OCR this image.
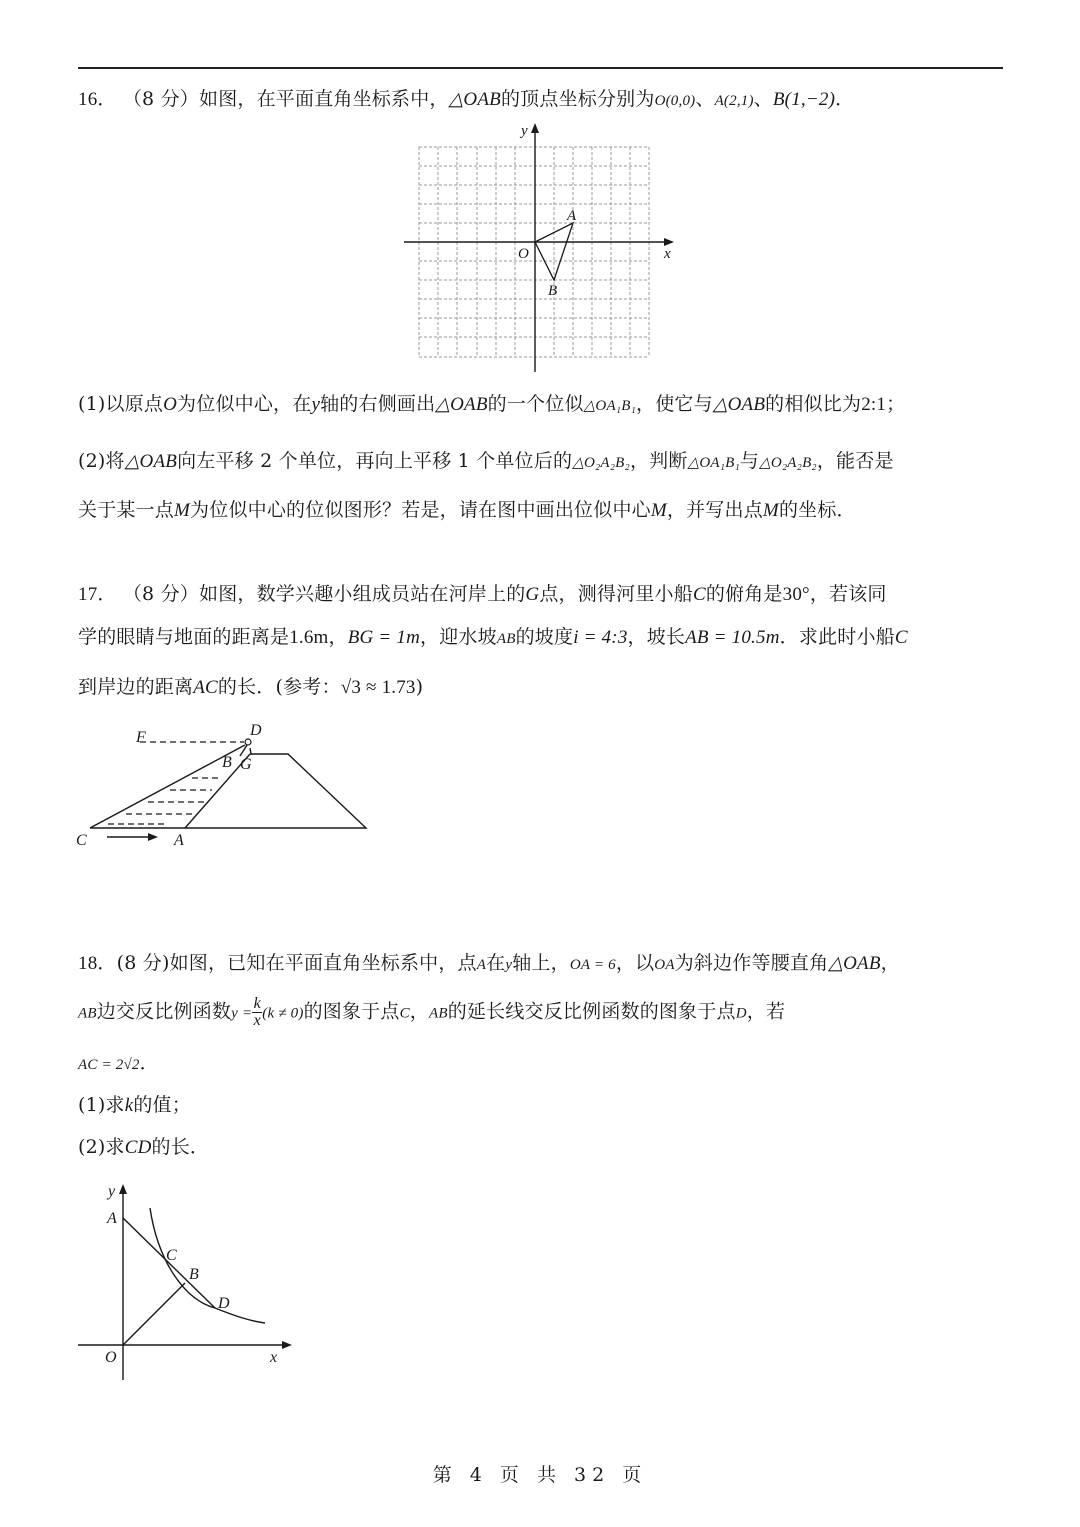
16． （8 分）如图，在平面直角坐标系中，△OAB的顶点坐标分别为O(0,0)、A(2,1)、B(1,−2)．
x
y
O
A
B
(1)以原点O为位似中心，在y轴的右侧画出△OAB的一个位似△OA₁B₁，使它与△OAB的相似比为2:1；
(2)将△OAB向左平移 2 个单位，再向上平移 1 个单位后的△O₂A₂B₂，判断△OA₁B₁与△O₂A₂B₂，能否是
关于某一点M为位似中心的位似图形？若是，请在图中画出位似中心M，并写出点M的坐标．
17． （8 分）如图，数学兴趣小组成员站在河岸上的G点，测得河里小船C的俯角是30°，若该同
学的眼睛与地面的距离是1.6m，BG = 1m，迎水坡AB的坡度i = 4:3，坡长AB = 10.5m．求此时小船C
到岸边的距离AC的长．(参考：√3 ≈ 1.73)
F	D
B G
C	A
18．(8 分)如图，已知在平面直角坐标系中，点A在y轴上，OA = 6，以OA为斜边作等腰直角△OAB，
AB边交反比例函数$y = \frac{k}{x} (k \ne 0)$的图象于点C，AB的延长线交反比例函数的图象于点D，若
AC = 2√2．
(1)求k的值；
(2)求CD的长．
x
y
O
A
B
C
D
第 4 页 共 32 页
